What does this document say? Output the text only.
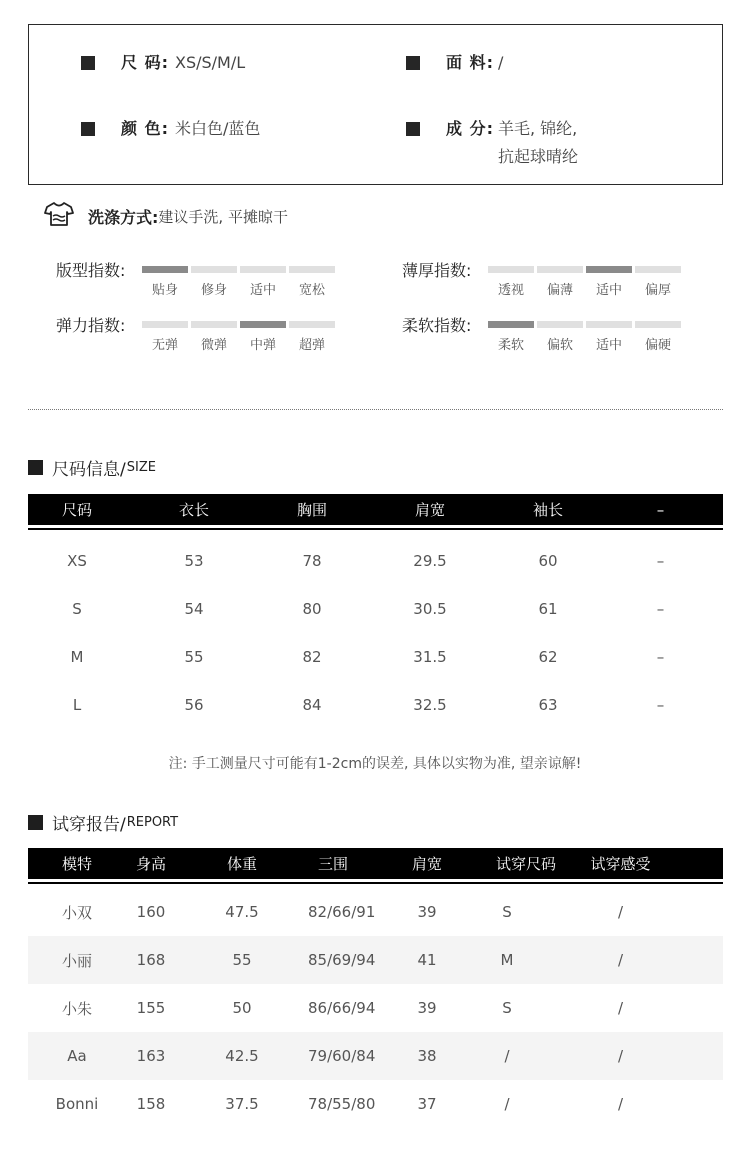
尺 码: XS/S/M/L	面 料: /
颜 色: 米白色/蓝色	成 分: 羊毛, 锦纶,
抗起球晴纶
洗涤方式: 建议手洗, 平摊晾干
版型指数:
贴身 修身 适中 宽松
薄厚指数:
透视 偏薄 适中 偏厚
弹力指数:
无弹 微弹 中弹 超弹
柔软指数:
柔软 偏软 适中 偏硬
尺码信息/ SIZE
尺码	衣长	胸围	肩宽	袖长	–
XS	53	78	29.5	60	–
S	54	80	30.5	61	–
M	55	82	31.5	62	–
L	56	84	32.5	63	–
注: 手工测量尺寸可能有1-2cm的误差, 具体以实物为准, 望亲谅解!
试穿报告/ REPORT
模特	身高	体重	三围	肩宽	试穿尺码	试穿感受
小双	160	47.5	82/66/91	39	S	/
小丽	168	55	85/69/94	41	M	/
小朱	155	50	86/66/94	39	S	/
Aa	163	42.5	79/60/84	38	/	/
Bonni	158	37.5	78/55/80	37	/	/
